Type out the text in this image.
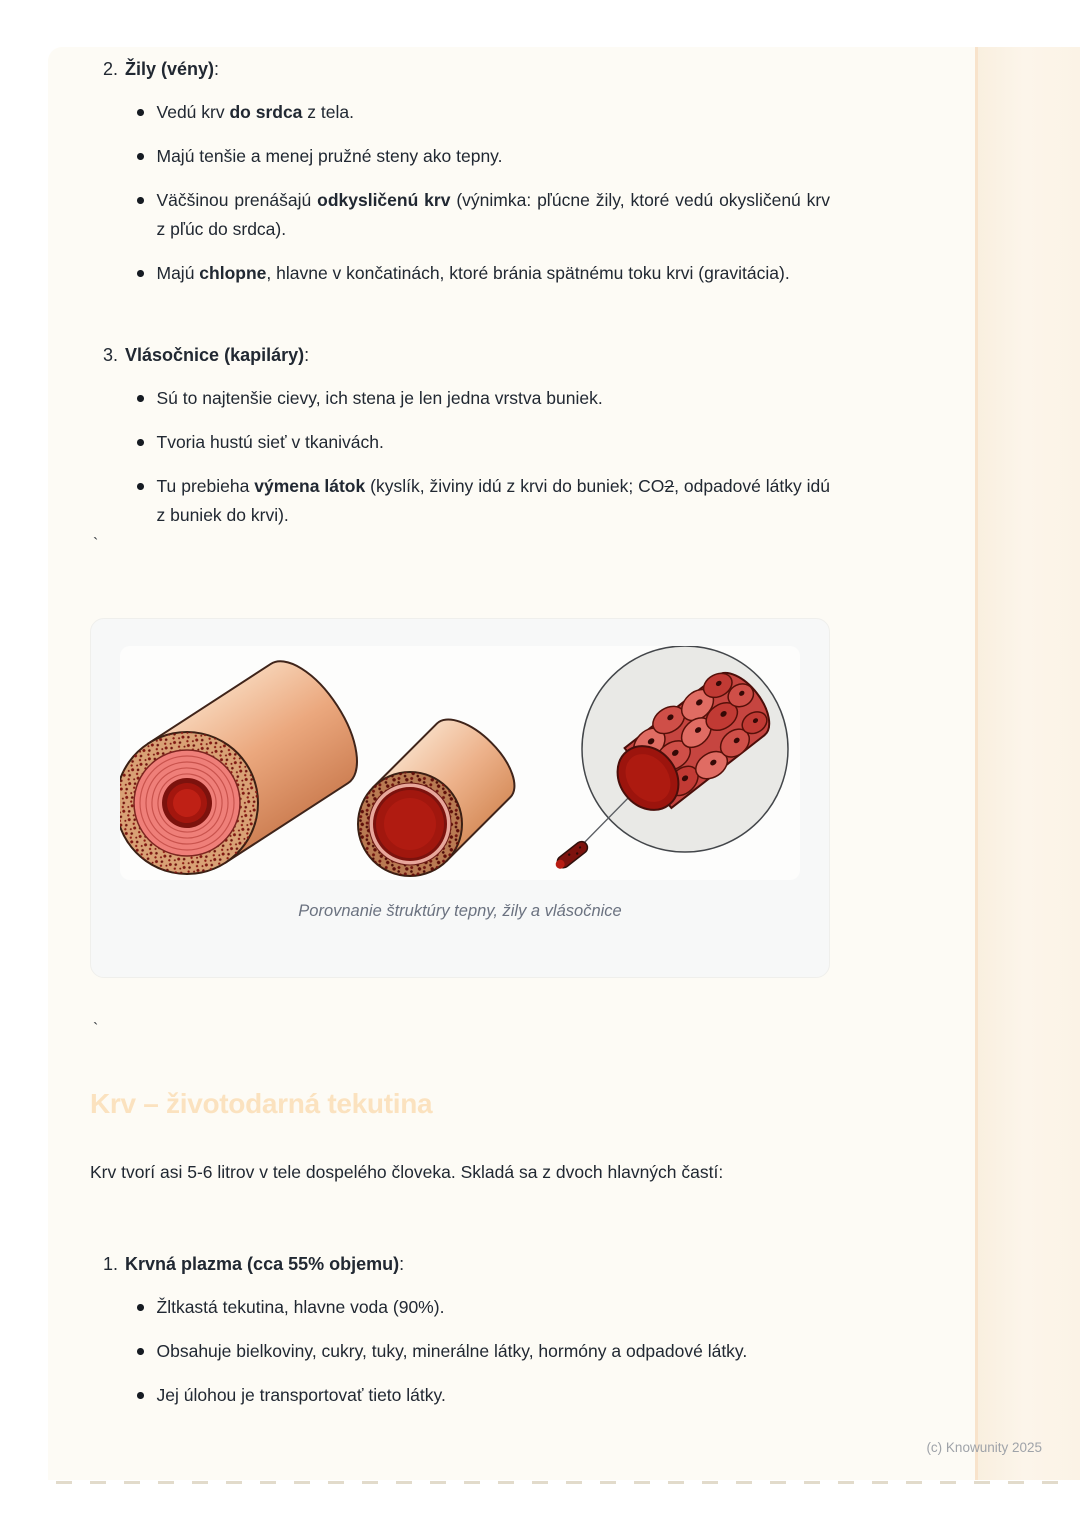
2. Žily (vény):

Vedú krv do srdca z tela.

Majú tenšie a menej pružné steny ako tepny.

Väčšinou prenášajú odkysličenú krv (výnimka: pľúcne žily, ktoré vedú okysličenú krv z pľúc do srdca).

Majú chlopne, hlavne v končatinách, ktoré bránia spätnému toku krvi (gravitácia).

3. Vlásočnice (kapiláry):

Sú to najtenšie cievy, ich stena je len jedna vrstva buniek.

Tvoria hustú sieť v tkanivách.

Tu prebieha výmena látok (kyslík, živiny idú z krvi do buniek; CO2, odpadové látky idú z buniek do krvi).

`
Porovnanie štruktúry tepny, žily a vlásočnice
`
Krv – životodarná tekutina

Krv tvorí asi 5-6 litrov v tele dospelého človeka. Skladá sa z dvoch hlavných častí:

1. Krvná plazma (cca 55% objemu):

Žltkastá tekutina, hlavne voda (90%).

Obsahuje bielkoviny, cukry, tuky, minerálne látky, hormóny a odpadové látky.

Jej úlohou je transportovať tieto látky.

(c) Knowunity 2025
